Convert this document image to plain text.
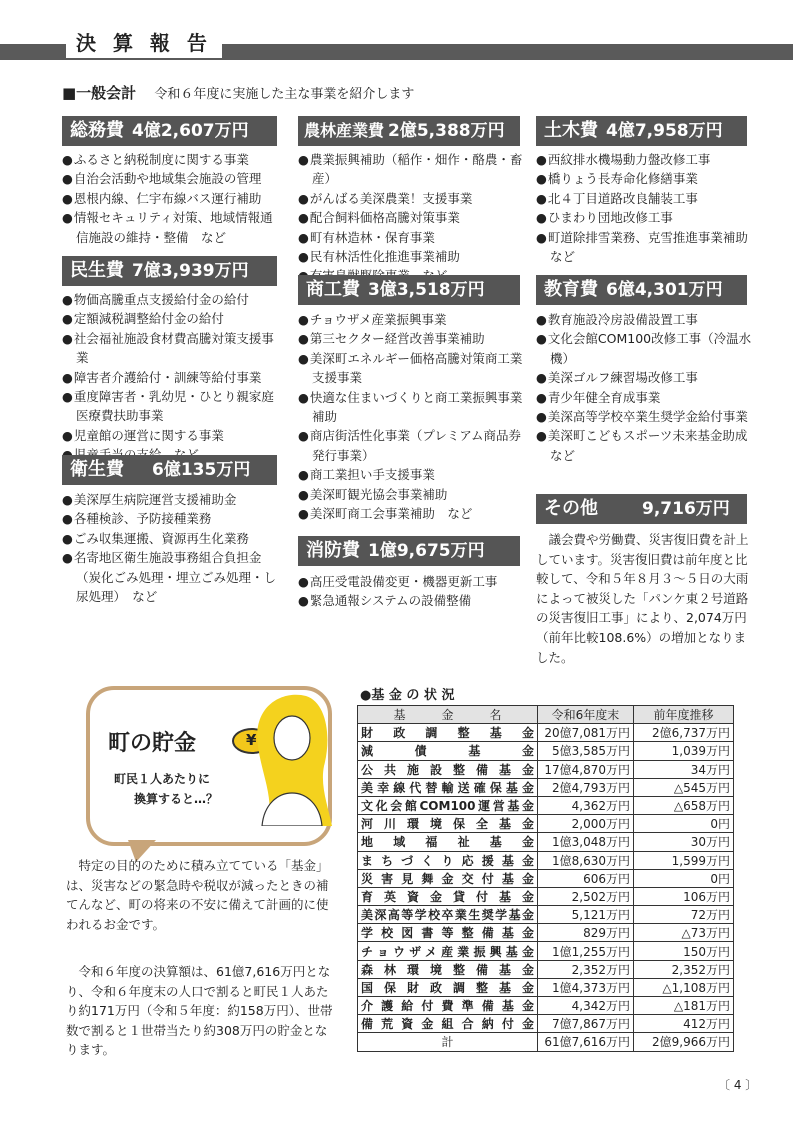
決 算 報 告
■一般会計 令和６年度に実施した主な事業を紹介します
総務費 4億2,607万円
● ふるさと納税制度に関する事業
● 自治会活動や地域集会施設の管理
● 恩根内線、仁宇布線バス運行補助
● 情報セキュリティ対策、地域情報通信施設の維持・整備　など
民生費 7億3,939万円
● 物価高騰重点支援給付金の給付
● 定額減税調整給付金の給付
● 社会福祉施設食材費高騰対策支援事業
● 障害者介護給付・訓練等給付事業
● 重度障害者・乳幼児・ひとり親家庭医療費扶助事業
● 児童館の運営に関する事業
●
衛生費 6億135万円
● 美深厚生病院運営支援補助金
● 各種検診、予防接種業務
● ごみ収集運搬、資源再生化業務
● 名寄地区衛生施設事務組合負担金（炭化ごみ処理・埋立ごみ処理・し尿処理）　など
農林産業費 2億5,388万円
● 農業振興補助（稲作・畑作・酪農・畜産）
● がんばる美深農業！支援事業
● 配合飼料価格高騰対策事業
● 町有林造林・保育事業
● 民有林活性化推進事業補助
●
商工費 3億3,518万円
● チョウザメ産業振興事業
● 第三セクター経営改善事業補助
● 美深町エネルギー価格高騰対策商工業支援事業
● 快適な住まいづくりと商工業振興事業補助
● 商店街活性化事業（プレミアム商品券発行事業）
● 商工業担い手支援事業
● 美深町観光協会事業補助
● 美深町商工会事業補助　など
消防費 1億9,675万円
● 高圧受電設備変更・機器更新工事
● 緊急通報システムの設備整備
土木費 4億7,958万円
● 西紋排水機場動力盤改修工事
● 橋りょう長寿命化修繕事業
● 北４丁目道路改良舗装工事
● ひまわり団地改修工事
● 町道除排雪業務、克雪推進事業補助　など
教育費 6億4,301万円
● 教育施設冷房設備設置工事
● 文化会館COM100改修工事（冷温水機）
● 美深ゴルフ練習場改修工事
● 青少年健全育成事業
● 美深高等学校卒業生奨学金給付事業
● 美深町こどもスポーツ未来基金助成　など
その他	9,716万円
議会費や労働費、災害復旧費を計上しています。災害復旧費は前年度と比較して、令和５年８月３～５日の大雨によって被災した「パンケ東２号道路の災害復旧工事」により、2,074万円（前年比較108.6%）の増加となりました。
町の貯金	¥
町民１人あたりに
換算すると…？
特定の目的のために積み立てている「基金」は、災害などの緊急時や税収が減ったときの補てんなど、町の将来の不安に備えて計画的に使われるお金です。
令和６年度の決算額は、61億7,616万円となり、令和６年度末の人口で割ると町民１人あたり約171万円（令和５年度：約158万円）、世帯数で割ると１世帯当たり約308万円の貯金となります。
●基 金 の 状 況
基　　　金　　　名	令和6年度末	前年度推移
財政調整基金	20億7,081万円	2億6,737万円
減債基金	5億3,585万円	1,039万円
公共施設整備基金	17億4,870万円	34万円
美幸線代替輸送確保基金	2億4,793万円	△545万円
文化会館COM100運営基金	4,362万円	△658万円
河川環境保全基金	2,000万円	0円
地域福祉基金	1億3,048万円	30万円
まちづくり応援基金	1億8,630万円	1,599万円
災害見舞金交付基金	606万円	0円
育英資金貸付基金	2,502万円	106万円
美深高等学校卒業生奨学基金	5,121万円	72万円
学校図書等整備基金	829万円	△73万円
チョウザメ産業振興基金	1億1,255万円	150万円
森林環境整備基金	2,352万円	2,352万円
国保財政調整基金	1億4,373万円	△1,108万円
介護給付費準備基金	4,342万円	△181万円
備荒資金組合納付金	7億7,867万円	412万円
計	61億7,616万円	2億9,966万円
〔 4 〕
